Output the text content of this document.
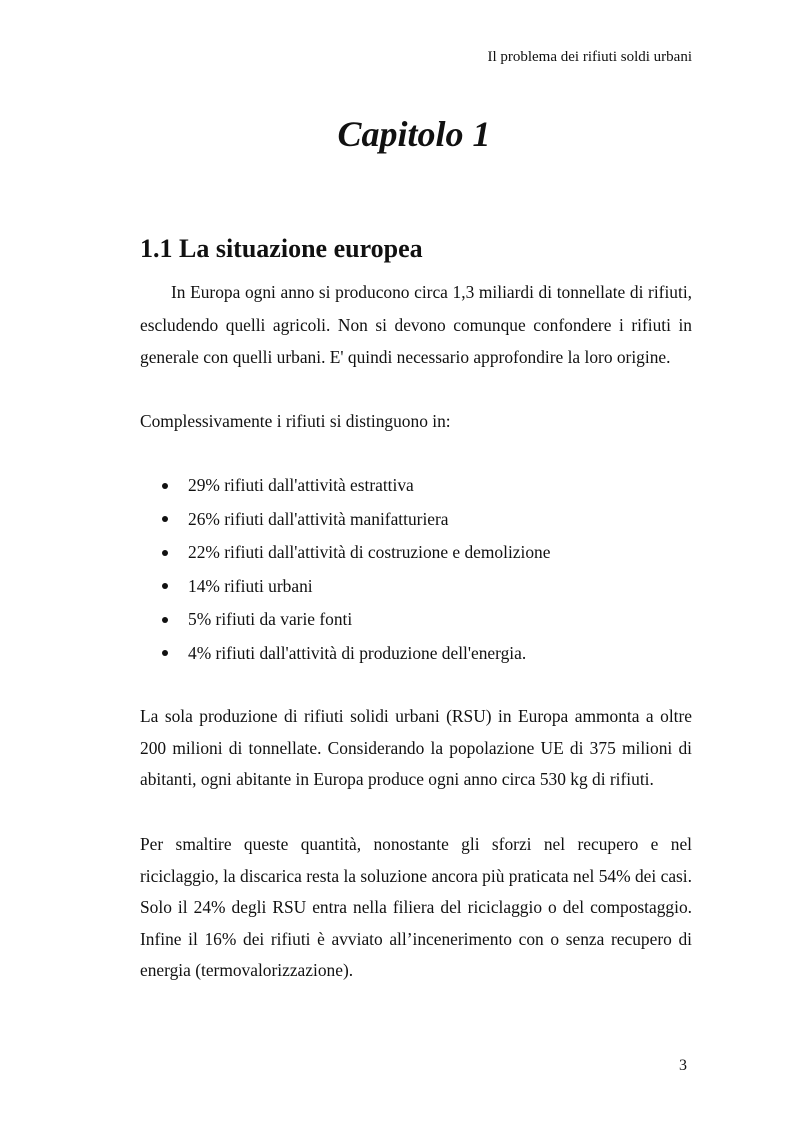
Il problema dei rifiuti soldi urbani
Capitolo 1
1.1 La situazione europea

In Europa ogni anno si producono circa 1,3 miliardi di tonnellate di rifiuti, escludendo quelli agricoli. Non si devono comunque confondere i rifiuti in generale con quelli urbani. E' quindi necessario approfondire la loro origine.

Complessivamente i rifiuti si distinguono in:

29% rifiuti dall'attività estrattiva
26% rifiuti dall'attività manifatturiera
22% rifiuti dall'attività di costruzione e demolizione
14% rifiuti urbani
5% rifiuti da varie fonti
4% rifiuti dall'attività di produzione dell'energia.

La sola produzione di rifiuti solidi urbani (RSU) in Europa ammonta a oltre 200 milioni di tonnellate. Considerando la popolazione UE di 375 milioni di abitanti, ogni abitante in Europa produce ogni anno circa 530 kg di rifiuti.

Per smaltire queste quantità, nonostante gli sforzi nel recupero e nel riciclaggio, la discarica resta la soluzione ancora più praticata nel 54% dei casi. Solo il 24% degli RSU entra nella filiera del riciclaggio o del compostaggio. Infine il 16% dei rifiuti è avviato all’incenerimento con o senza recupero di energia (termovalorizzazione).

3
